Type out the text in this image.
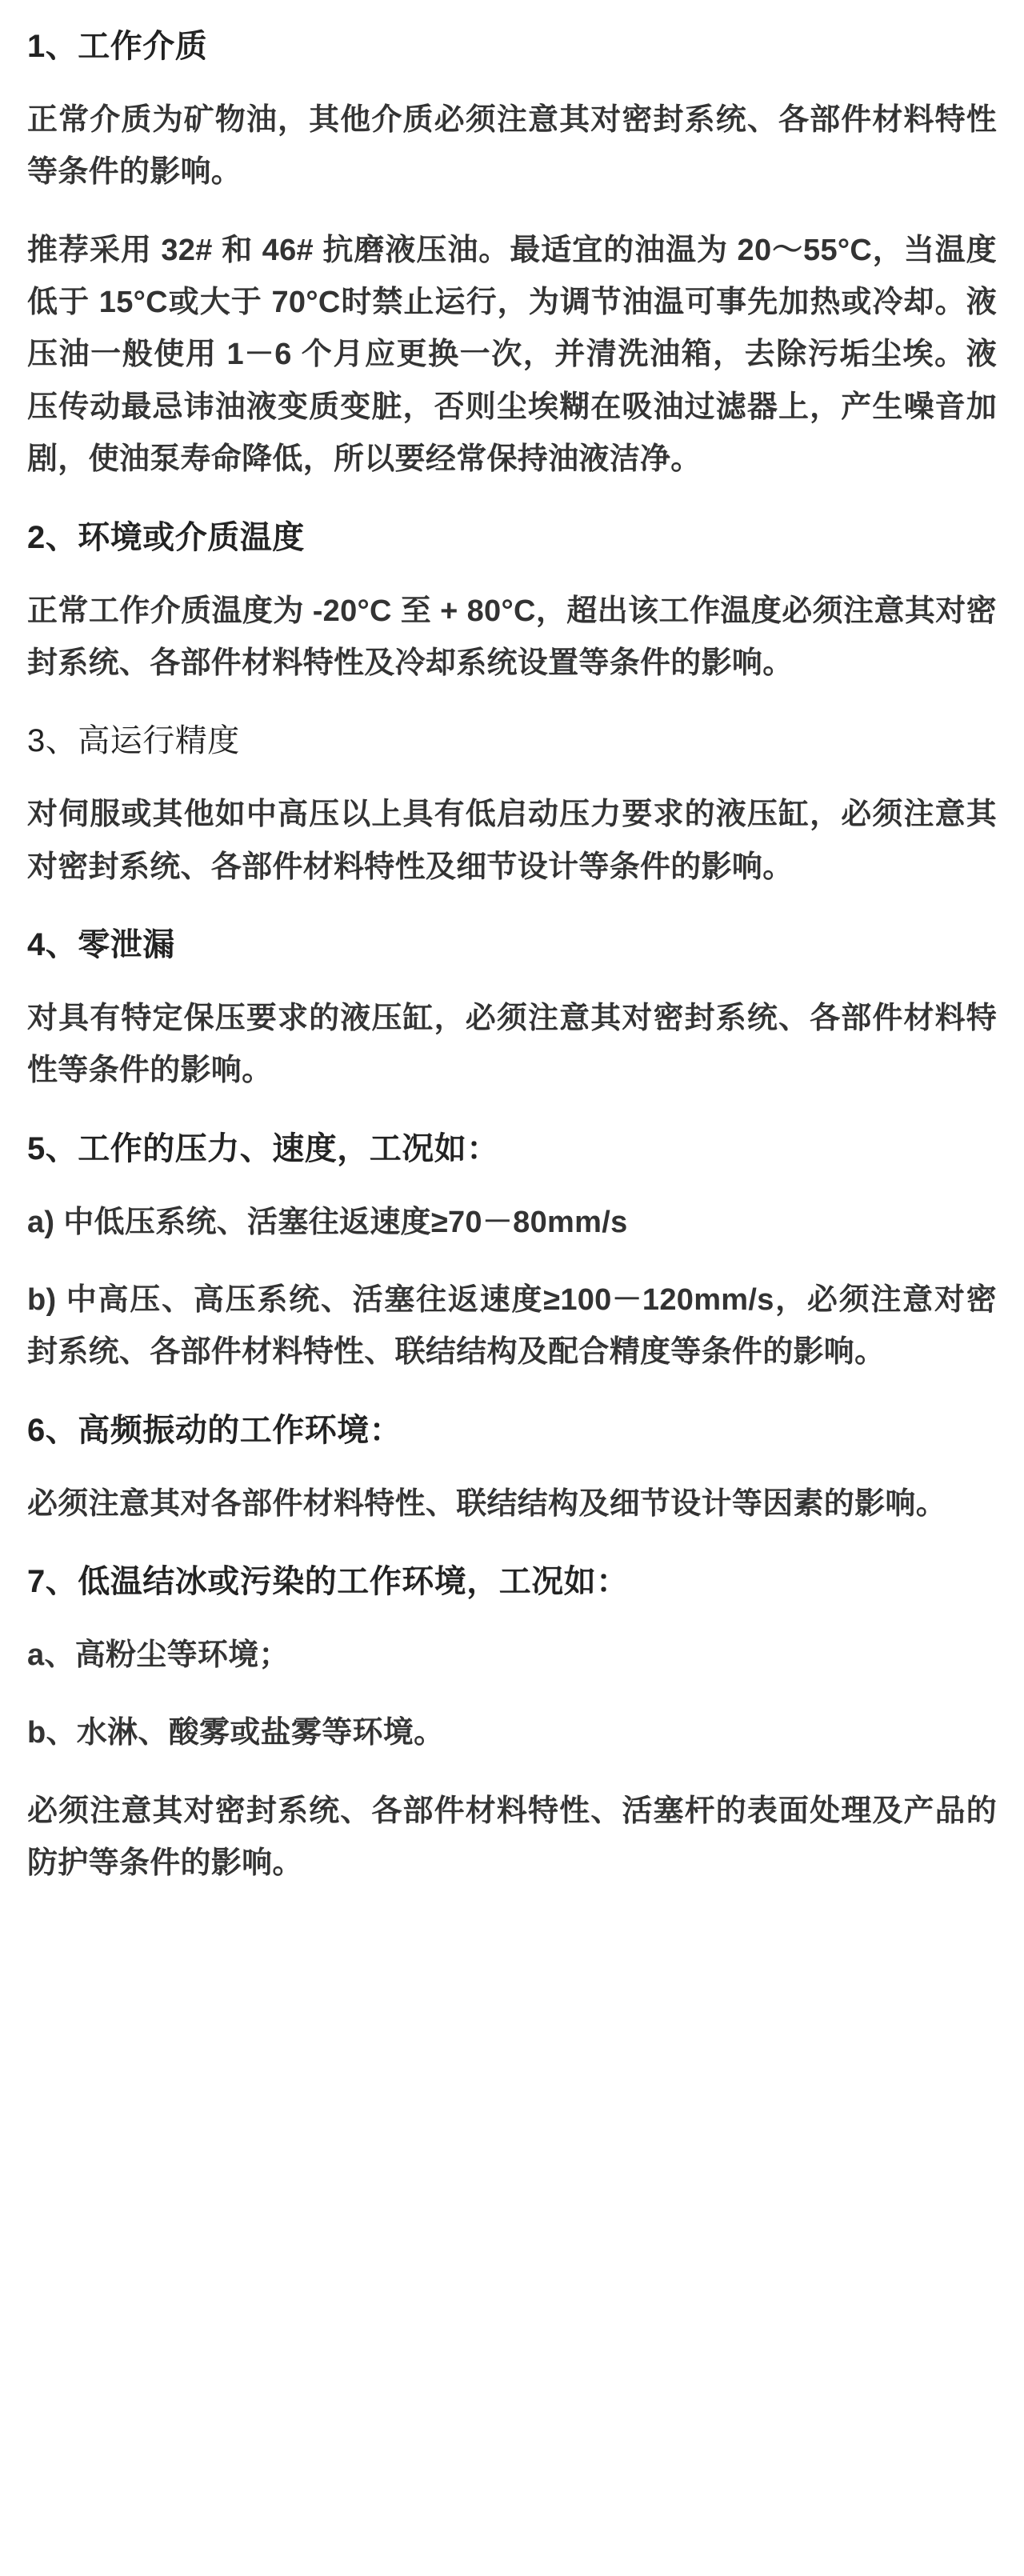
1、工作介质

正常介质为矿物油，其他介质必须注意其对密封系统、各部件材料特性等条件的影响。

推荐采用 32# 和 46# 抗磨液压油。最适宜的油温为 20～55°C，当温度低于 15°C或大于 70°C时禁止运行，为调节油温可事先加热或冷却。液压油一般使用 1－6 个月应更换一次，并清洗油箱，去除污垢尘埃。液压传动最忌讳油液变质变脏，否则尘埃糊在吸油过滤器上，产生噪音加剧，使油泵寿命降低，所以要经常保持油液洁净。

2、环境或介质温度

正常工作介质温度为 -20°C 至 + 80°C，超出该工作温度必须注意其对密封系统、各部件材料特性及冷却系统设置等条件的影响。

3、高运行精度

对伺服或其他如中高压以上具有低启动压力要求的液压缸，必须注意其对密封系统、各部件材料特性及细节设计等条件的影响。

4、零泄漏

对具有特定保压要求的液压缸，必须注意其对密封系统、各部件材料特性等条件的影响。

5、工作的压力、速度，工况如：

a) 中低压系统、活塞往返速度≥70－80mm/s

b) 中高压、高压系统、活塞往返速度≥100－120mm/s，必须注意对密封系统、各部件材料特性、联结结构及配合精度等条件的影响。

6、高频振动的工作环境：

必须注意其对各部件材料特性、联结结构及细节设计等因素的影响。

7、低温结冰或污染的工作环境，工况如：

a、高粉尘等环境；

b、水淋、酸雾或盐雾等环境。

必须注意其对密封系统、各部件材料特性、活塞杆的表面处理及产品的防护等条件的影响。
